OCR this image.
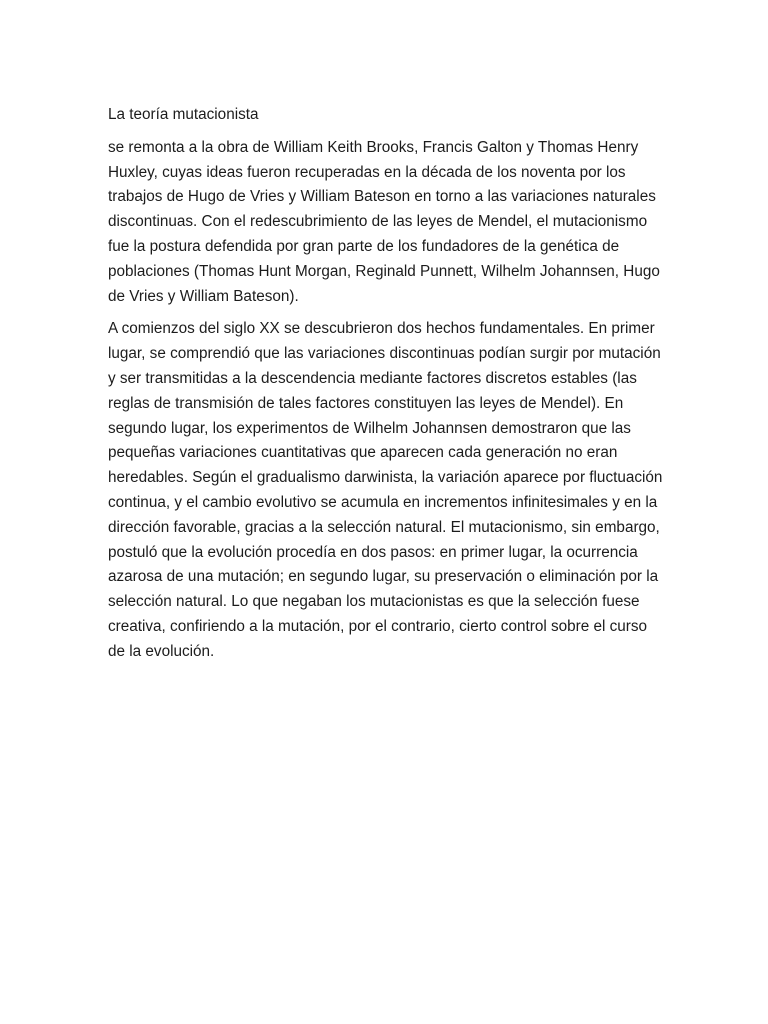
La teoría mutacionista

se remonta a la obra de William Keith Brooks, Francis Galton y Thomas Henry Huxley, cuyas ideas fueron recuperadas en la década de los noventa por los trabajos de Hugo de Vries y William Bateson en torno a las variaciones naturales discontinuas. Con el redescubrimiento de las leyes de Mendel, el mutacionismo fue la postura defendida por gran parte de los fundadores de la genética de poblaciones (Thomas Hunt Morgan, Reginald Punnett, Wilhelm Johannsen, Hugo de Vries y William Bateson).

A comienzos del siglo XX se descubrieron dos hechos fundamentales. En primer lugar, se comprendió que las variaciones discontinuas podían surgir por mutación y ser transmitidas a la descendencia mediante factores discretos estables (las reglas de transmisión de tales factores constituyen las leyes de Mendel). En segundo lugar, los experimentos de Wilhelm Johannsen demostraron que las pequeñas variaciones cuantitativas que aparecen cada generación no eran heredables. Según el gradualismo darwinista, la variación aparece por fluctuación continua, y el cambio evolutivo se acumula en incrementos infinitesimales y en la dirección favorable, gracias a la selección natural. El mutacionismo, sin embargo, postuló que la evolución procedía en dos pasos: en primer lugar, la ocurrencia azarosa de una mutación; en segundo lugar, su preservación o eliminación por la selección natural. Lo que negaban los mutacionistas es que la selección fuese creativa, confiriendo a la mutación, por el contrario, cierto control sobre el curso de la evolución.
